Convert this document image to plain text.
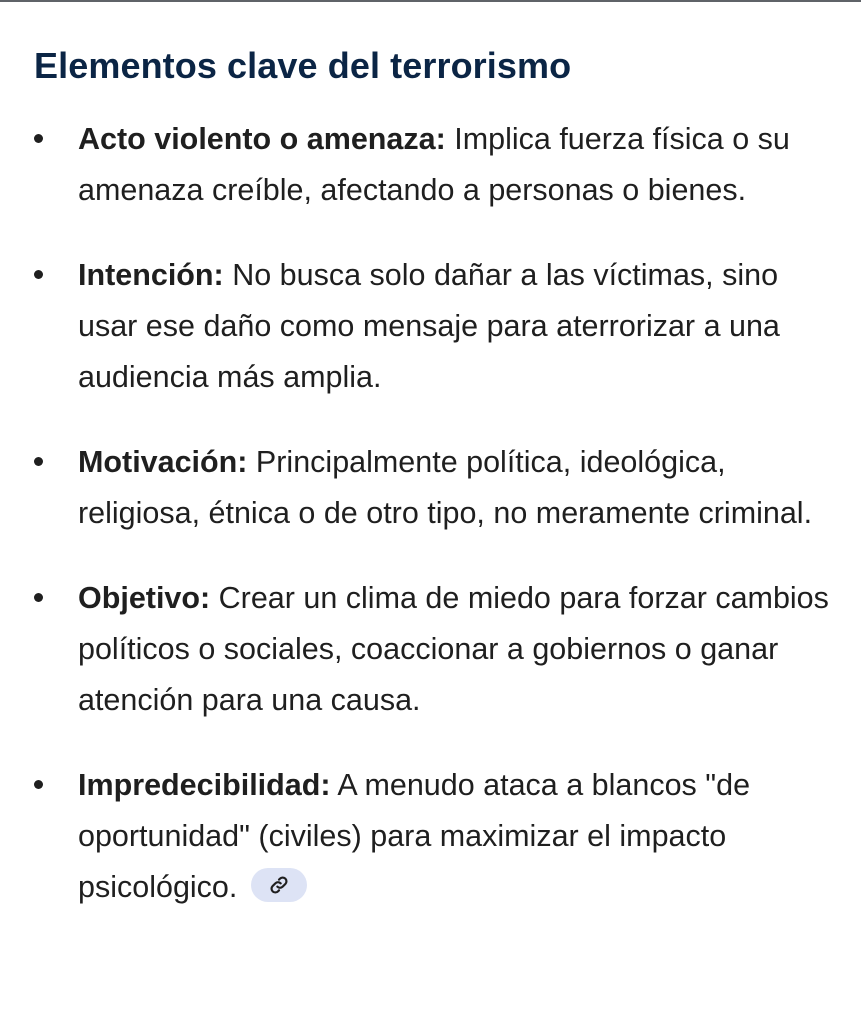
Elementos clave del terrorismo
Acto violento o amenaza: Implica fuerza física o su amenaza creíble, afectando a personas o bienes.
Intención: No busca solo dañar a las víctimas, sino usar ese daño como mensaje para aterrorizar a una audiencia más amplia.
Motivación: Principalmente política, ideológica, religiosa, étnica o de otro tipo, no meramente criminal.
Objetivo: Crear un clima de miedo para forzar cambios políticos o sociales, coaccionar a gobiernos o ganar atención para una causa.
Impredecibilidad: A menudo ataca a blancos "de oportunidad" (civiles) para maximizar el impacto psicológico.
